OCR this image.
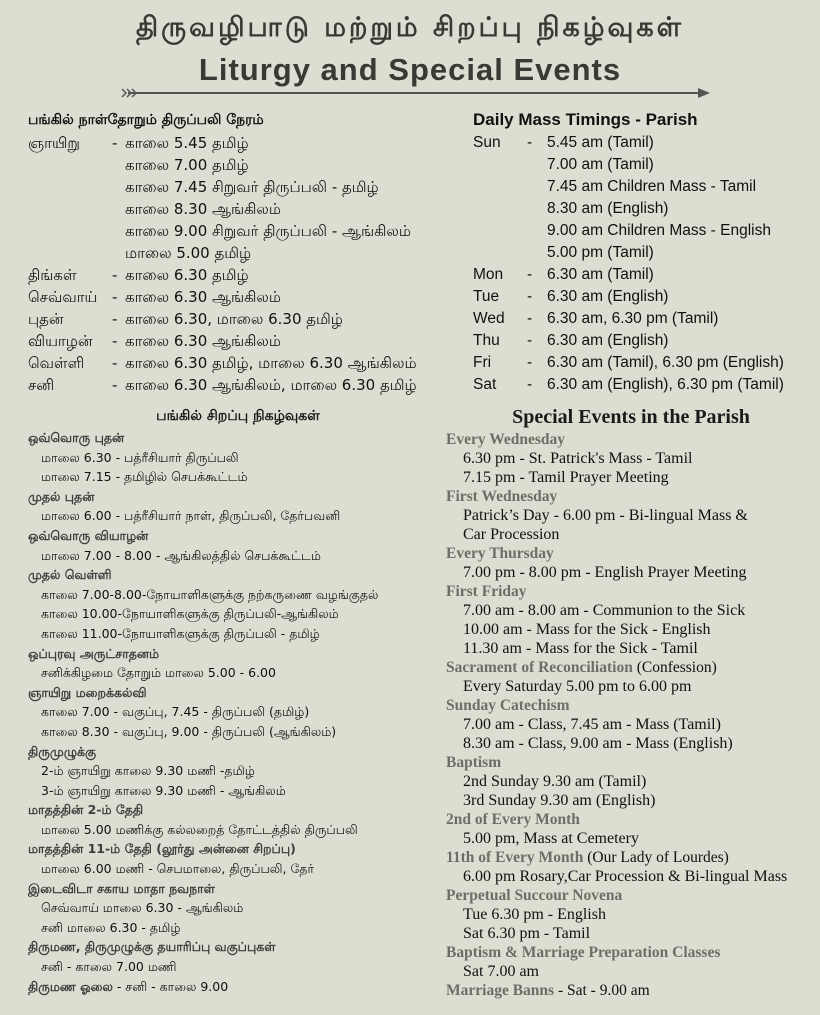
திருவழிபாடு மற்றும் சிறப்பு நிகழ்வுகள்
Liturgy and Special Events
பங்கில் நாள்தோறும் திருப்பலி நேரம்
ஞாயிறு - காலை 5.45 தமிழ்
காலை 7.00 தமிழ்
காலை 7.45 சிறுவர் திருப்பலி - தமிழ்
காலை 8.30 ஆங்கிலம்
காலை 9.00 சிறுவர் திருப்பலி - ஆங்கிலம்
மாலை 5.00 தமிழ்
திங்கள் - காலை 6.30 தமிழ்
செவ்வாய் - காலை 6.30 ஆங்கிலம்
புதன்	- காலை 6.30, மாலை 6.30 தமிழ்
வியாழன் - காலை 6.30 ஆங்கிலம்
வெள்ளி - காலை 6.30 தமிழ், மாலை 6.30 ஆங்கிலம்
சனி	- காலை 6.30 ஆங்கிலம், மாலை 6.30 தமிழ்
Daily Mass Timings - Parish
Sun - 5.45 am (Tamil)
7.00 am (Tamil)
7.45 am Children Mass - Tamil
8.30 am (English)
9.00 am Children Mass - English
5.00 pm (Tamil)
Mon - 6.30 am (Tamil)
Tue - 6.30 am (English)
Wed - 6.30 am, 6.30 pm (Tamil)
Thu - 6.30 am (English)
Fri - 6.30 am (Tamil), 6.30 pm (English)
Sat - 6.30 am (English), 6.30 pm (Tamil)
பங்கில் சிறப்பு நிகழ்வுகள்
ஒவ்வொரு புதன்
மாலை 6.30 - பத்ரீசியார் திருப்பலி
மாலை 7.15 - தமிழில் செபக்கூட்டம்
முதல் புதன்
மாலை 6.00 - பத்ரீசியார் நாள், திருப்பலி, தேர்பவனி
ஒவ்வொரு வியாழன்
மாலை 7.00 - 8.00 - ஆங்கிலத்தில் செபக்கூட்டம்
முதல் வெள்ளி
காலை 7.00-8.00-நோயாளிகளுக்கு நற்கருணை வழங்குதல்
காலை 10.00-நோயாளிகளுக்கு திருப்பலி-ஆங்கிலம்
காலை 11.00-நோயாளிகளுக்கு திருப்பலி - தமிழ்
ஒப்புரவு அருட்சாதனம்
சனிக்கிழமை தோறும் மாலை 5.00 - 6.00
ஞாயிறு மறைக்கல்வி
காலை 7.00 - வகுப்பு, 7.45 - திருப்பலி (தமிழ்)
காலை 8.30 - வகுப்பு, 9.00 - திருப்பலி (ஆங்கிலம்)
திருமுழுக்கு
2-ம் ஞாயிறு காலை 9.30 மணி -தமிழ்
3-ம் ஞாயிறு காலை 9.30 மணி - ஆங்கிலம்
மாதத்தின் 2-ம் தேதி
மாலை 5.00 மணிக்கு கல்லறைத் தோட்டத்தில் திருப்பலி
மாதத்தின் 11-ம் தேதி (லூர்து அன்னை சிறப்பு)
மாலை 6.00 மணி - செபமாலை, திருப்பலி, தேர்
இடைவிடா சகாய மாதா நவநாள்
செவ்வாய் மாலை 6.30 - ஆங்கிலம்
சனி மாலை 6.30 - தமிழ்
திருமண, திருமுழுக்கு தயாரிப்பு வகுப்புகள்
சனி - காலை 7.00 மணி
திருமண ஓலை - சனி - காலை 9.00
Special Events in the Parish
Every Wednesday
6.30 pm - St. Patrick's Mass - Tamil
7.15 pm - Tamil Prayer Meeting
First Wednesday
Patrick’s Day - 6.00 pm - Bi-lingual Mass &
Car Procession
Every Thursday
7.00 pm - 8.00 pm - English Prayer Meeting
First Friday
7.00 am - 8.00 am - Communion to the Sick
10.00 am - Mass for the Sick - English
11.30 am - Mass for the Sick - Tamil
Sacrament of Reconciliation (Confession)
Every Saturday 5.00 pm to 6.00 pm
Sunday Catechism
7.00 am - Class, 7.45 am - Mass (Tamil)
8.30 am - Class, 9.00 am - Mass (English)
Baptism
2nd Sunday 9.30 am (Tamil)
3rd Sunday 9.30 am (English)
2nd of Every Month
5.00 pm, Mass at Cemetery
11th of Every Month (Our Lady of Lourdes)
6.00 pm Rosary,Car Procession & Bi-lingual Mass
Perpetual Succour Novena
Tue 6.30 pm - English
Sat 6.30 pm - Tamil
Baptism & Marriage Preparation Classes
Sat 7.00 am
Marriage Banns - Sat - 9.00 am
